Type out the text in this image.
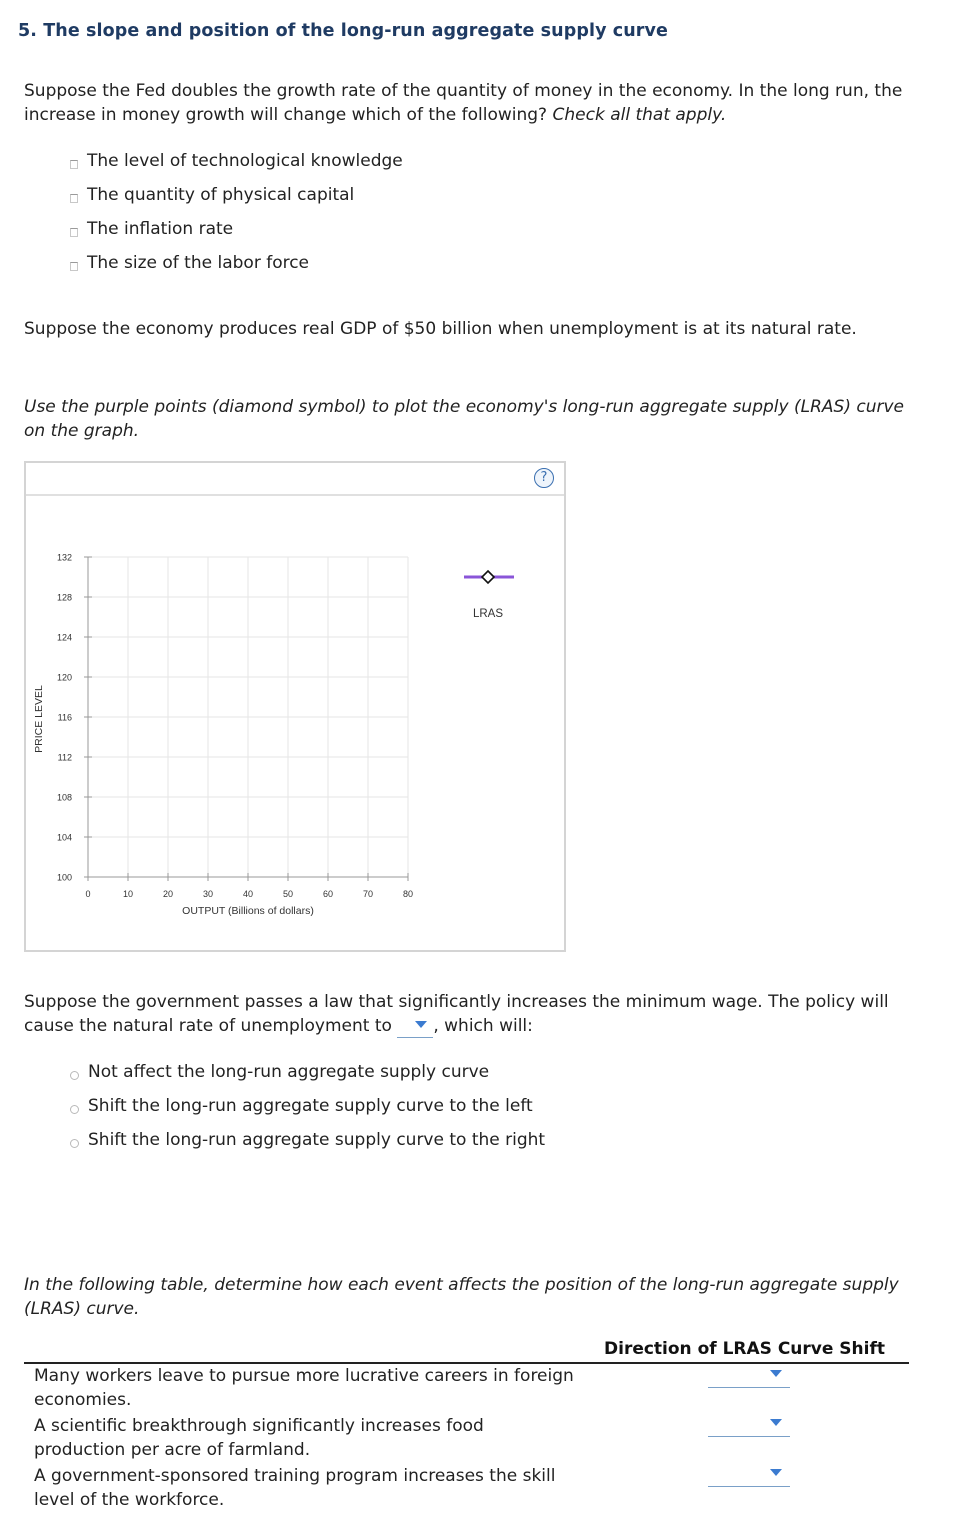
5. The slope and position of the long-run aggregate supply curve
Suppose the Fed doubles the growth rate of the quantity of money in the economy. In the long run, the increase in money growth will change which of the following? Check all that apply.
The level of technological knowledge
The quantity of physical capital
The inflation rate
The size of the labor force
Suppose the economy produces real GDP of $50 billion when unemployment is at its natural rate.
Use the purple points (diamond symbol) to plot the economy's long-run aggregate supply (LRAS) curve on the graph.
?
100
104
108
112
116
120
124
128
132
0	10	20	30	40	50	60	70	80
PRICE LEVEL
OUTPUT (Billions of dollars)
LRAS
Suppose the government passes a law that significantly increases the minimum wage. The policy will cause the natural rate of unemployment to , which will:
Not affect the long-run aggregate supply curve
Shift the long-run aggregate supply curve to the left
Shift the long-run aggregate supply curve to the right
In the following table, determine how each event affects the position of the long-run aggregate supply (LRAS) curve.
Direction of LRAS Curve Shift
Many workers leave to pursue more lucrative careers in foreign economies.
A scientific breakthrough significantly increases food production per acre of farmland.
A government-sponsored training program increases the skill level of the workforce.
